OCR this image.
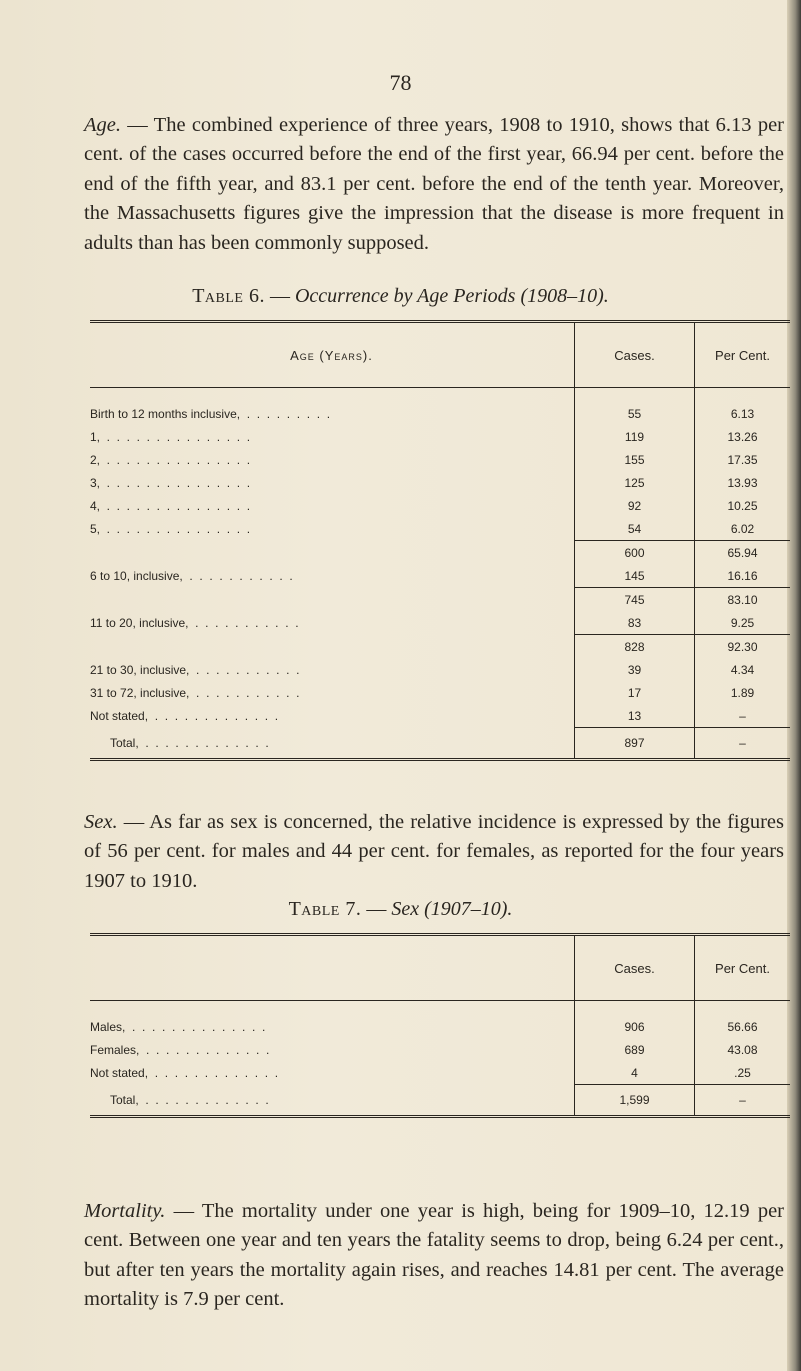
78

Age. — The combined experience of three years, 1908 to 1910, shows that 6.13 per cent. of the cases occurred before the end of the first year, 66.94 per cent. before the end of the fifth year, and 83.1 per cent. before the end of the tenth year. Moreover, the Massachusetts figures give the impression that the disease is more frequent in adults than has been commonly supposed.

Table 6. — Occurrence by Age Periods (1908–10).
Age (Years).	Cases.	Per Cent.
Birth to 12 months inclusive,  .  .  .  .  .  .  .  .  .	55	6.13
1,  .  .  .  .  .  .  .  .  .  .  .  .  .  .  .	119	13.26
2,  .  .  .  .  .  .  .  .  .  .  .  .  .  .  .	155	17.35
3,  .  .  .  .  .  .  .  .  .  .  .  .  .  .  .	125	13.93
4,  .  .  .  .  .  .  .  .  .  .  .  .  .  .  .	92	10.25
5,  .  .  .  .  .  .  .  .  .  .  .  .  .  .  .	54	6.02
	600	65.94
6 to 10, inclusive,  .  .  .  .  .  .  .  .  .  .  .	145	16.16
	745	83.10
11 to 20, inclusive,  .  .  .  .  .  .  .  .  .  .  .	83	9.25
	828	92.30
21 to 30, inclusive,  .  .  .  .  .  .  .  .  .  .  .	39	4.34
31 to 72, inclusive,  .  .  .  .  .  .  .  .  .  .  .	17	1.89
Not stated,  .  .  .  .  .  .  .  .  .  .  .  .  .	13	–
Total,  .  .  .  .  .  .  .  .  .  .  .  .  .	897	–

Sex. — As far as sex is concerned, the relative incidence is expressed by the figures of 56 per cent. for males and 44 per cent. for females, as reported for the four years 1907 to 1910.

Table 7. — Sex (1907–10).
	Cases.	Per Cent.
Males,  .  .  .  .  .  .  .  .  .  .  .  .  .  .	906	56.66
Females,  .  .  .  .  .  .  .  .  .  .  .  .  .	689	43.08
Not stated,  .  .  .  .  .  .  .  .  .  .  .  .  .	4	.25
Total,  .  .  .  .  .  .  .  .  .  .  .  .  .	1,599	–

Mortality. — The mortality under one year is high, being for 1909–10, 12.19 per cent. Between one year and ten years the fatality seems to drop, being 6.24 per cent., but after ten years the mortality again rises, and reaches 14.81 per cent. The average mortality is 7.9 per cent.
